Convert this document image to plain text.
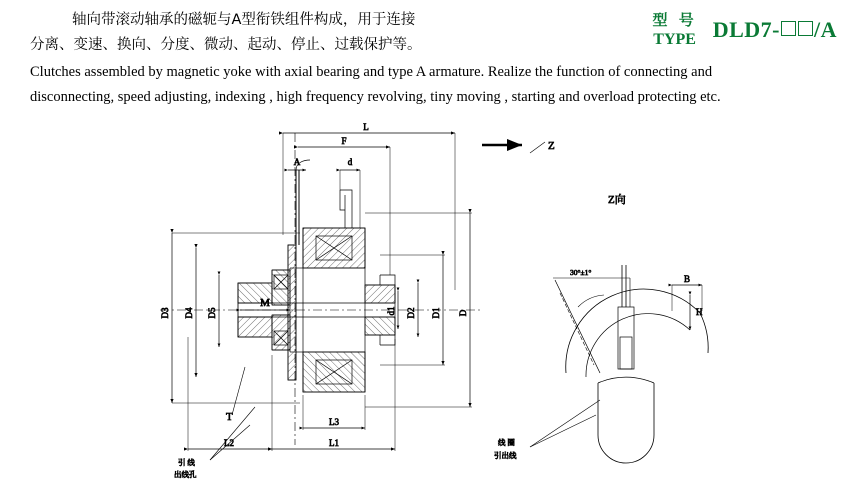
轴向带滚动轴承的磁轭与A型衔铁组件构成，用于连接
分离、变速、换向、分度、微动、起动、停止、过载保护等。
Clutches assembled by magnetic yoke with axial bearing and type A armature. Realize the function of connecting and
disconnecting, speed adjusting, indexing , high frequency revolving, tiny moving , starting and overload protecting etc.
型 号
TYPE DLD7- /A
L
F
A	d
Z
D
D1
D2
D3 D4 D5
M
d1
L3
L1
L2
T
引 线
出线孔
Z向
30°±1°
B
H
线 圈
引出线
